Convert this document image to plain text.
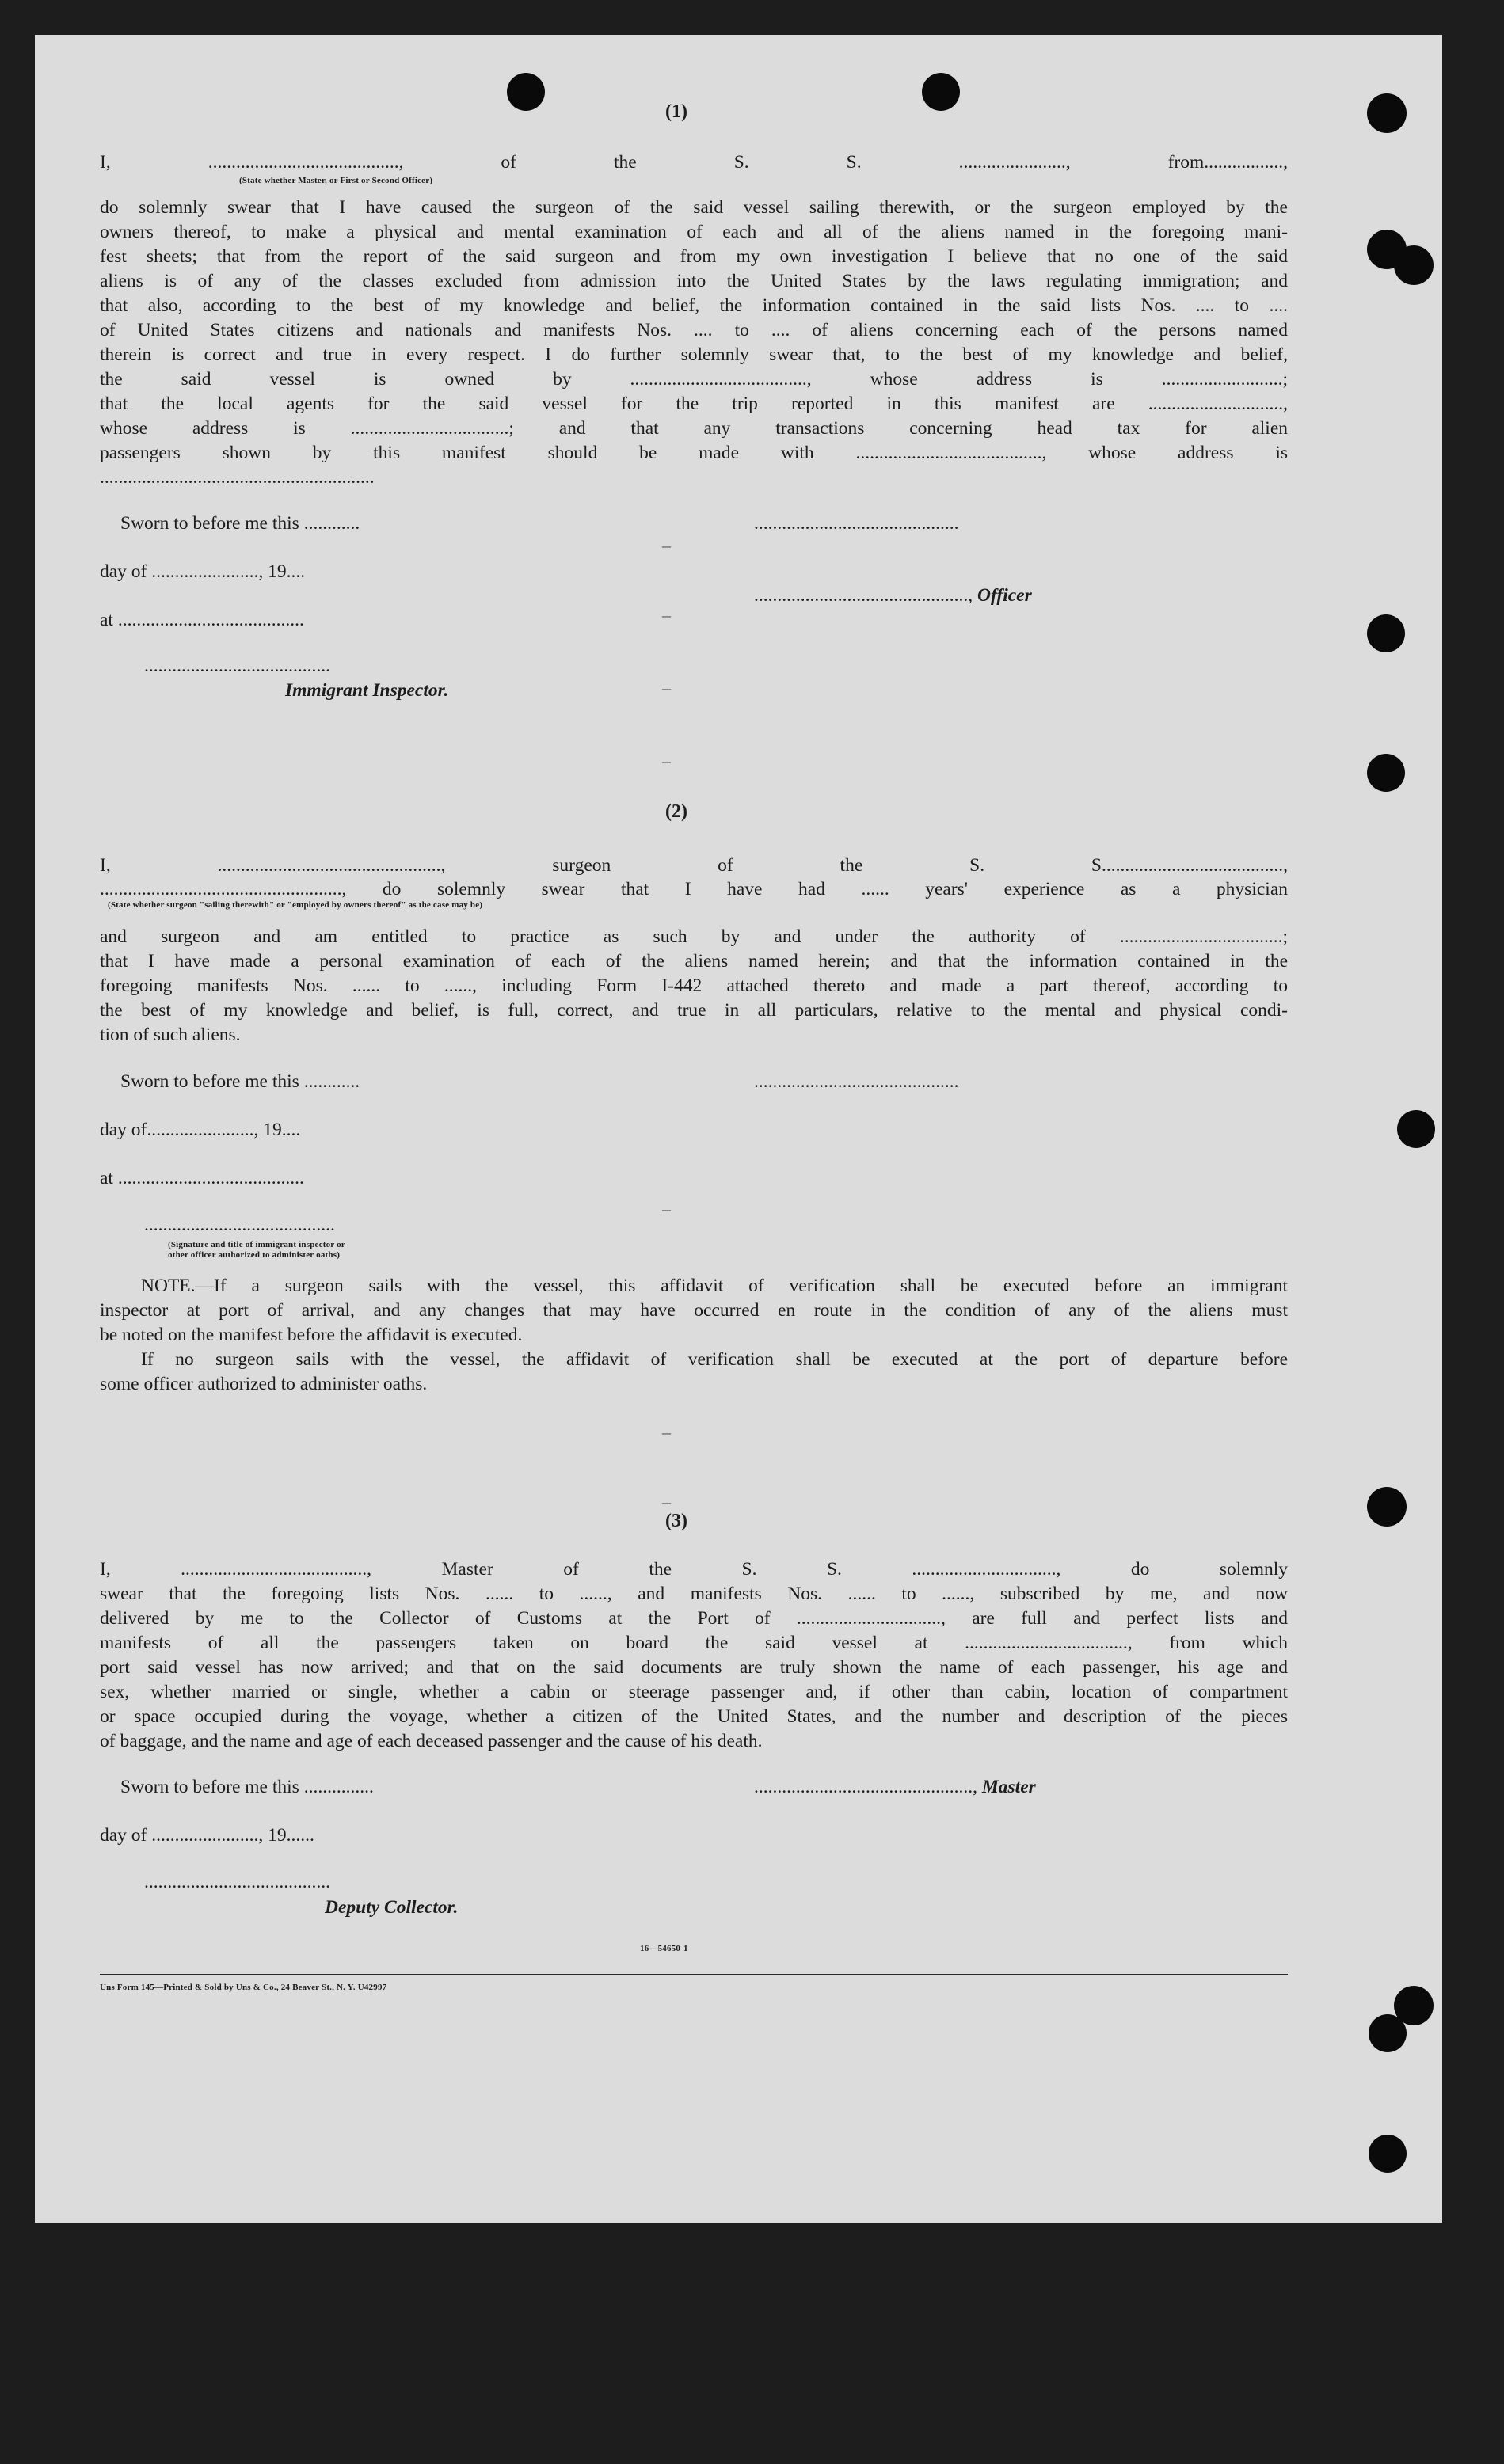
(1)
I, ........................................., of the S. S. ......................., from.................,
(State whether Master, or First or Second Officer)
do solemnly swear that I have caused the surgeon of the said vessel sailing therewith, or the surgeon employed by the
owners thereof, to make a physical and mental examination of each and all of the aliens named in the foregoing mani-
fest sheets; that from the report of the said surgeon and from my own investigation I believe that no one of the said
aliens is of any of the classes excluded from admission into the United States by the laws regulating immigration; and
that also, according to the best of my knowledge and belief, the information contained in the said lists Nos. .... to ....
of United States citizens and nationals and manifests Nos. .... to .... of aliens concerning each of the persons named
therein is correct and true in every respect. I do further solemnly swear that, to the best of my knowledge and belief,
the said vessel is owned by ......................................, whose address is ..........................;
that the local agents for the said vessel for the trip reported in this manifest are .............................,
whose address is ..................................; and that any transactions concerning head tax for alien
passengers shown by this manifest should be made with ........................................, whose address is
...........................................................
Sworn to before me this ............	............................................
day of ......................., 19....
.............................................., Officer
at ........................................
........................................
Immigrant Inspector.
(2)
I, ................................................, surgeon of the S. S.......................................,
...................................................., do solemnly swear that I have had ...... years' experience as a physician
(State whether surgeon "sailing therewith" or "employed by owners thereof" as the case may be)
and surgeon and am entitled to practice as such by and under the authority of ...................................;
that I have made a personal examination of each of the aliens named herein; and that the information contained in the
foregoing manifests Nos. ...... to ......, including Form I-442 attached thereto and made a part thereof, according to
the best of my knowledge and belief, is full, correct, and true in all particulars, relative to the mental and physical condi-
tion of such aliens.
Sworn to before me this ............	............................................
day of......................., 19....
at ........................................
.........................................
(Signature and title of immigrant inspector or
other officer authorized to administer oaths)
NOTE.—If a surgeon sails with the vessel, this affidavit of verification shall be executed before an immigrant
inspector at port of arrival, and any changes that may have occurred en route in the condition of any of the aliens must
be noted on the manifest before the affidavit is executed.
If no surgeon sails with the vessel, the affidavit of verification shall be executed at the port of departure before
some officer authorized to administer oaths.
(3)
I, ........................................, Master of the S. S. ..............................., do solemnly
swear that the foregoing lists Nos. ...... to ......, and manifests Nos. ...... to ......, subscribed by me, and now
delivered by me to the Collector of Customs at the Port of ..............................., are full and perfect lists and
manifests of all the passengers taken on board the said vessel at ..................................., from which
port said vessel has now arrived; and that on the said documents are truly shown the name of each passenger, his age and
sex, whether married or single, whether a cabin or steerage passenger and, if other than cabin, location of compartment
or space occupied during the voyage, whether a citizen of the United States, and the number and description of the pieces
of baggage, and the name and age of each deceased passenger and the cause of his death.
Sworn to before me this ...............	..............................................., Master
day of ......................., 19......
........................................
Deputy Collector.
16—54650-1
Uns Form 145—Printed & Sold by Uns & Co., 24 Beaver St., N. Y. U42997
–
–
–
–
–
–
–
